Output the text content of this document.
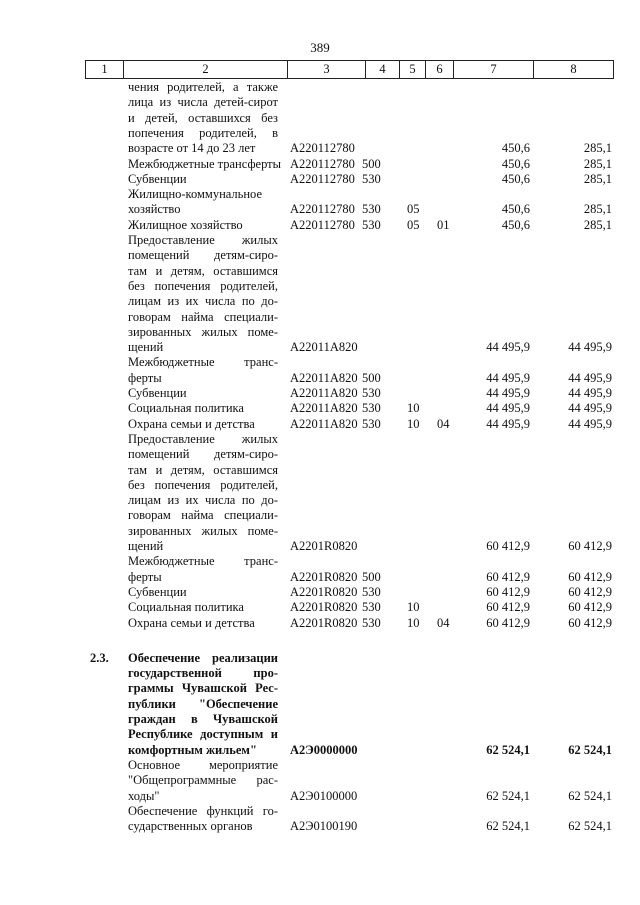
389
1	2	3	4	5	6	7	8
чения родителей, а также
лица из числа детей-сирот
и детей, оставшихся без
попечения родителей, в
возрасте от 14 до 23 лет	А220112780	450,6	285,1
Межбюджетные трансферты А220112780 500	450,6	285,1
Субвенции	А220112780 530	450,6	285,1
Жилищно-коммунальное
хозяйство	А220112780 530 05	450,6	285,1
Жилищное хозяйство	А220112780 530 05 01	450,6	285,1
Предоставление жилых
помещений детям-сиро-
там и детям, оставшимся
без попечения родителей,
лицам из их числа по до-
говорам найма специали-
зированных жилых поме-
щений	А22011А820	44 495,9	44 495,9
Межбюджетные транс-
ферты	А22011А820 500	44 495,9	44 495,9
Субвенции	А22011А820 530	44 495,9	44 495,9
Социальная политика	А22011А820 530 10	44 495,9	44 495,9
Охрана семьи и детства	А22011А820 530 10 04	44 495,9	44 495,9
Предоставление жилых
помещений детям-сиро-
там и детям, оставшимся
без попечения родителей,
лицам из их числа по до-
говорам найма специали-
зированных жилых поме-
щений	А2201R0820	60 412,9	60 412,9
Межбюджетные транс-
ферты	А2201R0820 500	60 412,9	60 412,9
Субвенции	А2201R0820 530	60 412,9	60 412,9
Социальная политика	А2201R0820 530 10	60 412,9	60 412,9
Охрана семьи и детства	А2201R0820 530 10 04	60 412,9	60 412,9
2.3.	Обеспечение реализации
государственной про-
граммы Чувашской Рес-
публики "Обеспечение
граждан в Чувашской
Республике доступным и
комфортным жильем"	А2Э0000000	62 524,1	62 524,1
Основное мероприятие
"Общепрограммные рас-
ходы"	А2Э0100000	62 524,1	62 524,1
Обеспечение функций го-
сударственных органов	А2Э0100190	62 524,1	62 524,1
